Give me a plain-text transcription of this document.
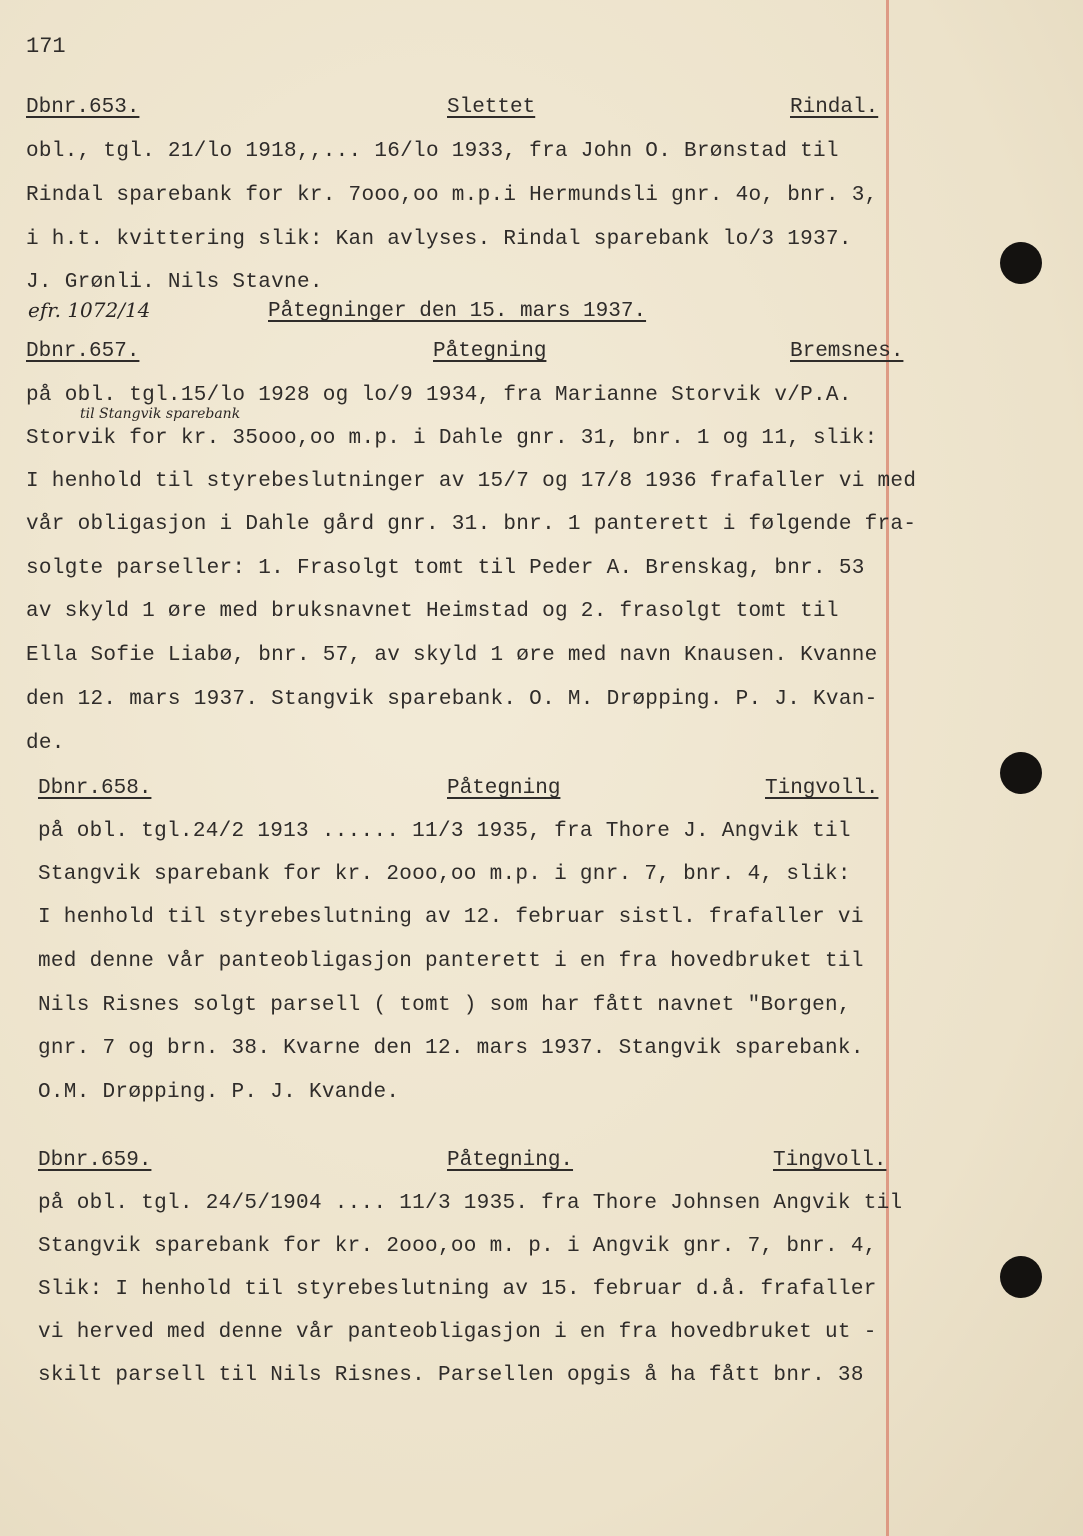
171
Dbnr.653.	Slettet	Rindal.
obl., tgl. 21/lo 1918,,... 16/lo 1933, fra John O. Brønstad til
Rindal sparebank for kr. 7ooo,oo m.p.i Hermundsli gnr. 4o, bnr. 3,
i h.t. kvittering slik: Kan avlyses. Rindal sparebank lo/3 1937.
J. Grønli. Nils Stavne.
efr. 1072/14	Påtegninger den 15. mars 1937.
Dbnr.657.	Påtegning	Bremsnes.
på obl. tgl.15/lo 1928 og lo/9 1934, fra Marianne Storvik v/P.A.
til Stangvik sparebank
Storvik for kr. 35ooo,oo m.p. i Dahle gnr. 31, bnr. 1 og 11, slik:
I henhold til styrebeslutninger av 15/7 og 17/8 1936 frafaller vi med
vår obligasjon i Dahle gård gnr. 31. bnr. 1 panterett i følgende fra-
solgte parseller: 1. Frasolgt tomt til Peder A. Brenskag, bnr. 53
av skyld 1 øre med bruksnavnet Heimstad og 2. frasolgt tomt til
Ella Sofie Liabø, bnr. 57, av skyld 1 øre med navn Knausen. Kvanne
den 12. mars 1937. Stangvik sparebank. O. M. Drøpping. P. J. Kvan-
de.
Dbnr.658.	Påtegning	Tingvoll.
på obl. tgl.24/2 1913 ...... 11/3 1935, fra Thore J. Angvik til
Stangvik sparebank for kr. 2ooo,oo m.p. i gnr. 7, bnr. 4, slik:
I henhold til styrebeslutning av 12. februar sistl. frafaller vi
med denne vår panteobligasjon panterett i en fra hovedbruket til
Nils Risnes solgt parsell ( tomt ) som har fått navnet "Borgen,
gnr. 7 og brn. 38. Kvarne den 12. mars 1937. Stangvik sparebank.
O.M. Drøpping. P. J. Kvande.
Dbnr.659.	Påtegning.	Tingvoll.
på obl. tgl. 24/5/1904 .... 11/3 1935. fra Thore Johnsen Angvik til
Stangvik sparebank for kr. 2ooo,oo m. p. i Angvik gnr. 7, bnr. 4,
Slik: I henhold til styrebeslutning av 15. februar d.å. frafaller
vi herved med denne vår panteobligasjon i en fra hovedbruket ut -
skilt parsell til Nils Risnes. Parsellen opgis å ha fått bnr. 38
